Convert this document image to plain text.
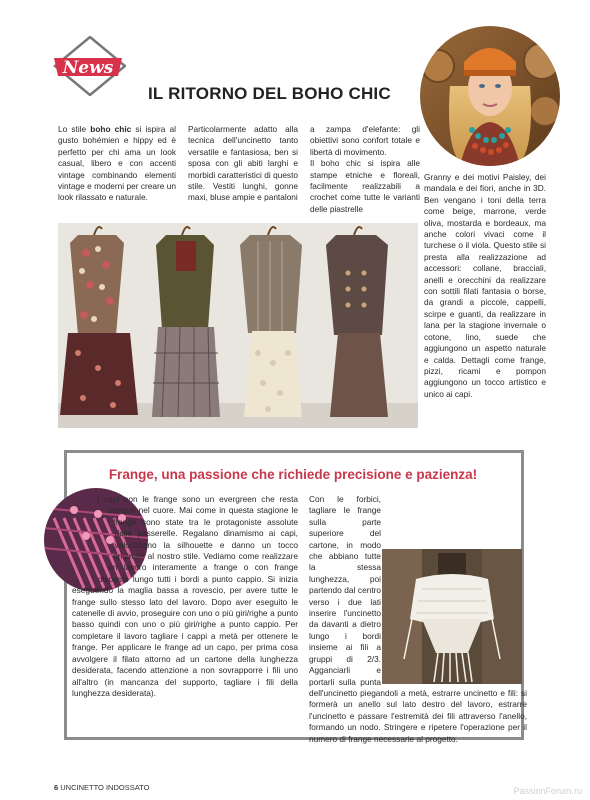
News
IL RITORNO DEL BOHO CHIC

Lo stile boho chic si ispira al gusto bohémien e hippy ed è perfetto per chi ama un look casual, libero e con accenti vintage combinando elementi vintage e moderni per creare un look rilassato e naturale.

Particolarmente adatto alla tecnica dell'uncinetto tanto versatile e fantasiosa, ben si sposa con gli abiti larghi e morbidi caratteristici di questo stile. Vestiti lunghi, gonne maxi, bluse ampie e pantaloni

a zampa d'elefante: gli obiettivi sono confort totale e libertà di movimento.
Il boho chic si ispira alle stampe etniche e floreali, facilmente realizzabili a crochet come tutte le varianti delle piastrelle

Granny e dei motivi Paisley, dei mandala e dei fiori, anche in 3D. Ben vengano i toni della terra come beige, marrone, verde oliva, mostarda e bordeaux, ma anche colori vivaci come il turchese o il viola. Questo stile si presta alla realizzazione ad accessori: collane, bracciali, anelli e orecchini da realizzare con sottili filati fantasia o borse, da grandi a piccole, cappelli, scirpe e guanti, da realizzare in lana per la stagione invernale o cotone, lino, suede che aggiungono un aspetto naturale e calda. Dettagli come frange, pizzi, ricami e pompon aggiungono un tocco artistico e unico ai capi.

Frange, una passione che richiede precisione e pazienza!

I capi con le frange sono un evergreen che resta sempre nel cuore. Mai come in questa stagione le frange sono state tra le protagoniste assolute delle passerelle. Regalano dinamismo ai capi, valorizzano la silhouette e danno un tocco originale al nostro stile. Vediamo come realizzare un lavoro interamente a frange o con frange disposte lungo tutti i bordi a punto cappio. Si inizia eseguendo la maglia bassa a rovescio, per avere tutte le frange sullo stesso lato del lavoro. Dopo aver eseguito le catenelle di avvio, proseguire con uno o più giri/righe a punto basso quindi con uno o più giri/righe a punto cappio. Per completare il lavoro tagliare i cappi a metà per ottenere le frange. Per applicare le frange ad un capo, per prima cosa avvolgere il filato attorno ad un cartone della lunghezza desiderata, facendo attenzione a non sovrapporre i fili uno all'altro (in mancanza del supporto, tagliare i fili della lunghezza desiderata).

Con le forbici, tagliare le frange sulla parte superiore del cartone, in modo che abbiano tutte la stessa lunghezza, poi partendo dal centro verso i due lati inserire l'uncinetto da davanti a dietro lungo i bordi insieme ai fili a gruppi di 2/3. Agganciarli e portarli sulla punta dell'uncinetto piegandoli a metà, estrarre uncinetto e fili: si formerà un anello sul lato destro del lavoro, estrarre l'uncinetto e passare l'estremità dei fili attraverso l'anello, formando un nodo. Stringere e ripetere l'operazione per il numero di frange necessarie al progetto.

6 UNCINETTO INDOSSATO	PassionForum.ru
